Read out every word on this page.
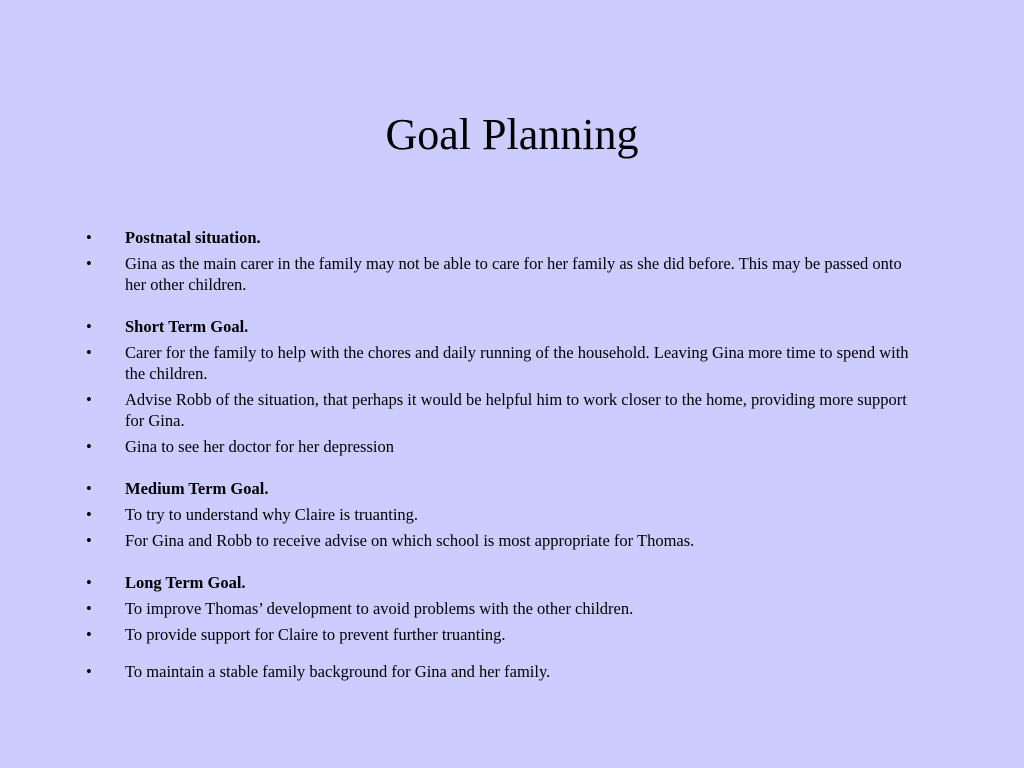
Goal Planning
• Postnatal situation.
• Gina as the main carer in the family may not be able to care for her family as she did before. This may be passed onto her other children.
• Short Term Goal.
• Carer for the family to help with the chores and daily running of the household. Leaving Gina more time to spend with the children.
• Advise Robb of the situation, that perhaps it would be helpful him to work closer to the home, providing more support for Gina.
• Gina to see her doctor for her depression
• Medium Term Goal.
• To try to understand why Claire is truanting.
• For Gina and Robb to receive advise on which school is most appropriate for Thomas.
• Long Term Goal.
• To improve Thomas’ development to avoid problems with the other children.
• To provide support for Claire to prevent further truanting.
• To maintain a stable family background for Gina and her family.
